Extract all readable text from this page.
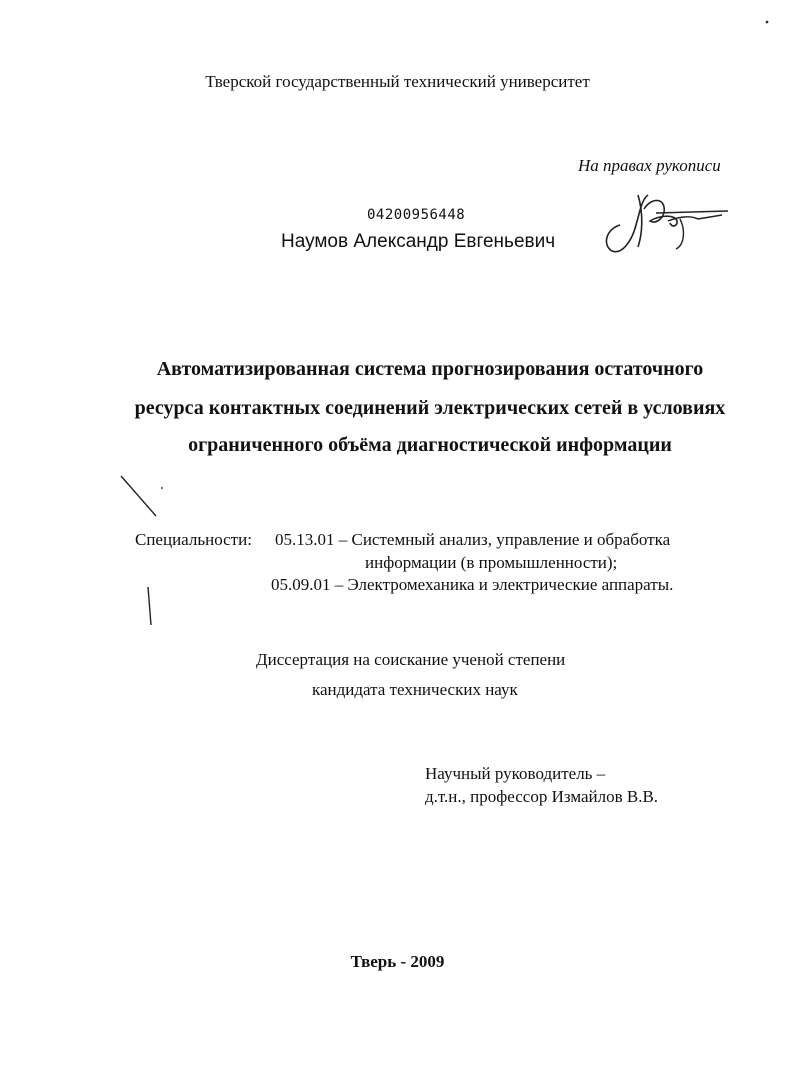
Тверской государственный технический университет
На правах рукописи
04200956448
Наумов Александр Евгеньевич
Автоматизированная система прогнозирования остаточного
ресурса контактных соединений электрических сетей в условиях
ограниченного объёма диагностической информации
Специальности: 05.13.01 – Системный анализ, управление и обработка
информации (в промышленности);
05.09.01 – Электромеханика и электрические аппараты.
Диссертация на соискание ученой степени
кандидата технических наук
Научный руководитель –
д.т.н., профессор Измайлов В.В.
Тверь - 2009
